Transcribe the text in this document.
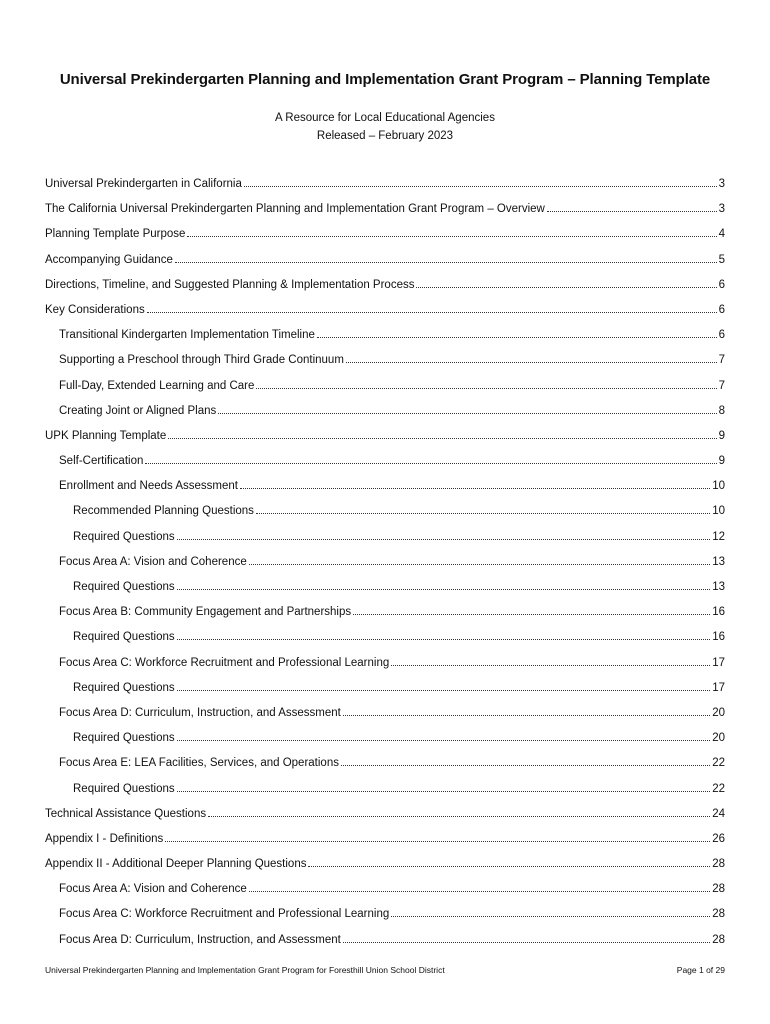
Universal Prekindergarten Planning and Implementation Grant Program – Planning Template
A Resource for Local Educational Agencies
Released – February 2023
Universal Prekindergarten in California	3
The California Universal Prekindergarten Planning and Implementation Grant Program – Overview	3
Planning Template Purpose	4
Accompanying Guidance	5
Directions, Timeline, and Suggested Planning & Implementation Process	6
Key Considerations	6
Transitional Kindergarten Implementation Timeline	6
Supporting a Preschool through Third Grade Continuum	7
Full-Day, Extended Learning and Care	7
Creating Joint or Aligned Plans	8
UPK Planning Template	9
Self-Certification	9
Enrollment and Needs Assessment	10
Recommended Planning Questions	10
Required Questions	12
Focus Area A: Vision and Coherence	13
Required Questions	13
Focus Area B: Community Engagement and Partnerships	16
Required Questions	16
Focus Area C: Workforce Recruitment and Professional Learning	17
Required Questions	17
Focus Area D: Curriculum, Instruction, and Assessment	20
Required Questions	20
Focus Area E: LEA Facilities, Services, and Operations	22
Required Questions	22
Technical Assistance Questions	24
Appendix I - Definitions	26
Appendix II - Additional Deeper Planning Questions	28
Focus Area A: Vision and Coherence	28
Focus Area C: Workforce Recruitment and Professional Learning	28
Focus Area D: Curriculum, Instruction, and Assessment	28
Universal Prekindergarten Planning and Implementation Grant Program for Foresthill Union School District	Page 1 of 29
